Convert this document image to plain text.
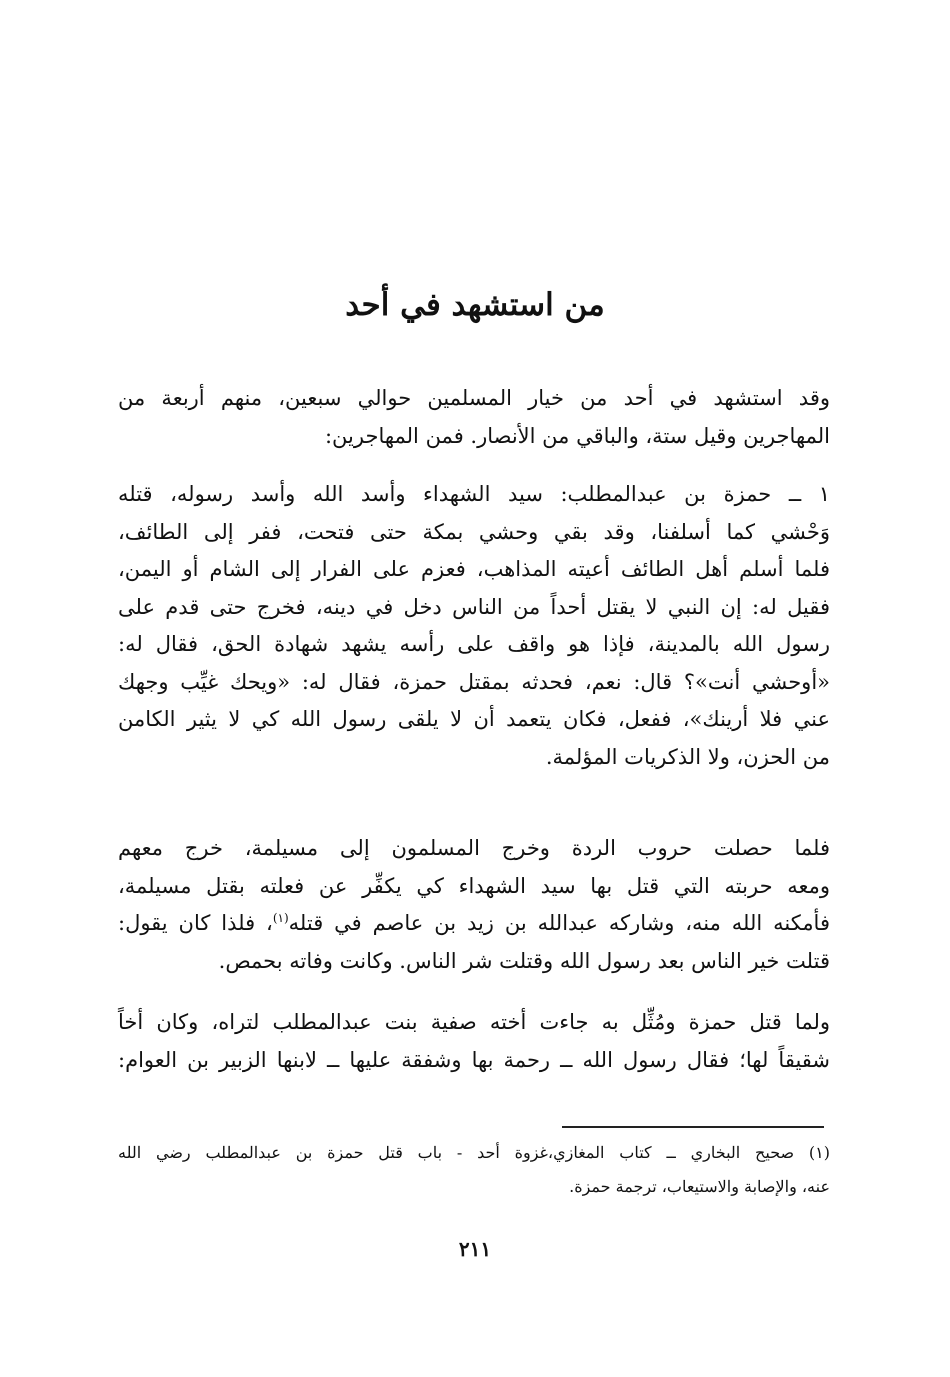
من استشهد في أحد

وقد استشهد في أحد من خيار المسلمين حوالي سبعين، منهم أربعة من
المهاجرين وقيل ستة، والباقي من الأنصار. فمن المهاجرين:

١ ــ حمزة بن عبدالمطلب: سيد الشهداء وأسد الله وأسد رسوله، قتله
وَحْشي كما أسلفنا، وقد بقي وحشي بمكة حتى فتحت، ففر إلى الطائف،
فلما أسلم أهل الطائف أعيته المذاهب، فعزم على الفرار إلى الشام أو اليمن،
فقيل له: إن النبي لا يقتل أحداً من الناس دخل في دينه، فخرج حتى قدم على
رسول الله بالمدينة، فإذا هو واقف على رأسه يشهد شهادة الحق، فقال له:
«أوحشي أنت»؟ قال: نعم، فحدثه بمقتل حمزة، فقال له: «ويحك غيِّب وجهك
عني فلا أرينك»، ففعل، فكان يتعمد أن لا يلقى رسول الله كي لا يثير الكامن
من الحزن، ولا الذكريات المؤلمة.

فلما حصلت حروب الردة وخرج المسلمون إلى مسيلمة، خرج معهم
ومعه حربته التي قتل بها سيد الشهداء كي يكفِّر عن فعلته بقتل مسيلمة،
فأمكنه الله منه، وشاركه عبدالله بن زيد بن عاصم في قتله$^{(١)}$، فلذا كان يقول:
قتلت خير الناس بعد رسول الله وقتلت شر الناس. وكانت وفاته بحمص.

ولما قتل حمزة ومُثِّل به جاءت أخته صفية بنت عبدالمطلب لتراه، وكان أخاً
شقيقاً لها؛ فقال رسول الله ــ رحمة بها وشفقة عليها ــ لابنها الزبير بن العوام:

(١) صحيح البخاري ــ كتاب المغازي،غزوة أحد - باب قتل حمزة بن عبدالمطلب رضي الله
عنه، والإصابة والاستيعاب، ترجمة حمزة.

٢١١
